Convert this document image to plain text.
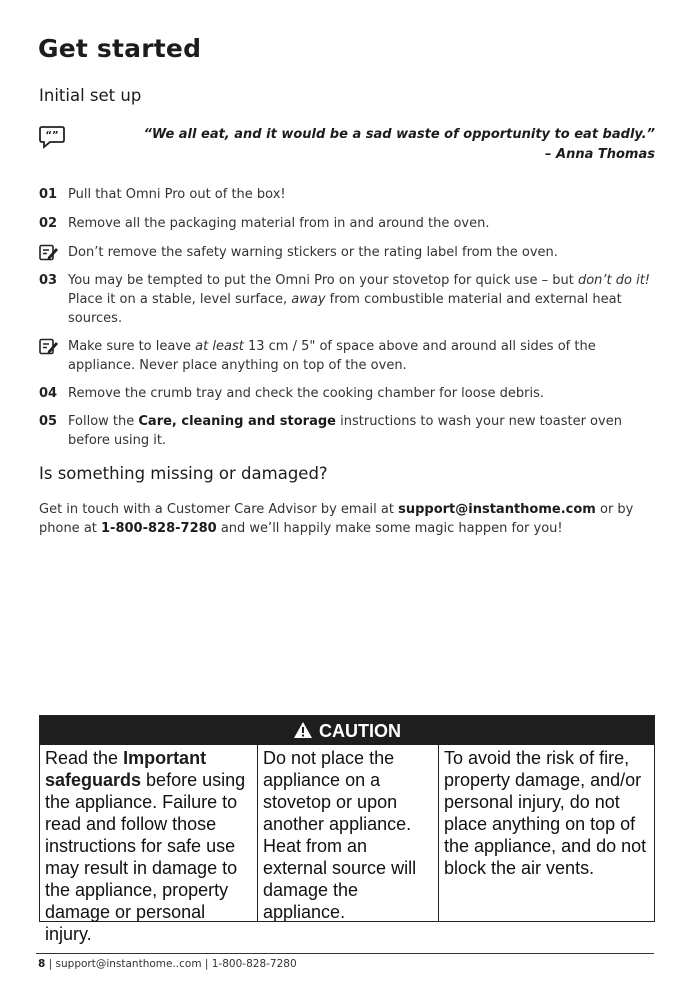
Get started
Initial set up
“”	“We all eat, and it would be a sad waste of opportunity to eat badly.”
– Anna Thomas
01 Pull that Omni Pro out of the box!
02 Remove all the packaging material from in and around the oven.
Don’t remove the safety warning stickers or the rating label from the oven.
03 You may be tempted to put the Omni Pro on your stovetop for quick use – but don’t do it! Place it on a stable, level surface, away from combustible material and external heat sources.
Make sure to leave at least 13 cm / 5" of space above and around all sides of the appliance. Never place anything on top of the oven.
04 Remove the crumb tray and check the cooking chamber for loose debris.
05 Follow the Care, cleaning and storage instructions to wash your new toaster oven before using it.
Is something missing or damaged?
Get in touch with a Customer Care Advisor by email at support@instanthome.com or by phone at 1-800-828-7280 and we’ll happily make some magic happen for you!
CAUTION
Read the Important safeguards before using the appliance. Failure to read and follow those instructions for safe use may result in damage to the appliance, property damage or personal injury.
Do not place the appliance on a stovetop or upon another appliance. Heat from an external source will damage the appliance.
To avoid the risk of fire, property damage, and/or personal injury, do not place anything on top of the appliance, and do not block the air vents.
8 | support@instanthome..com | 1-800-828-7280
